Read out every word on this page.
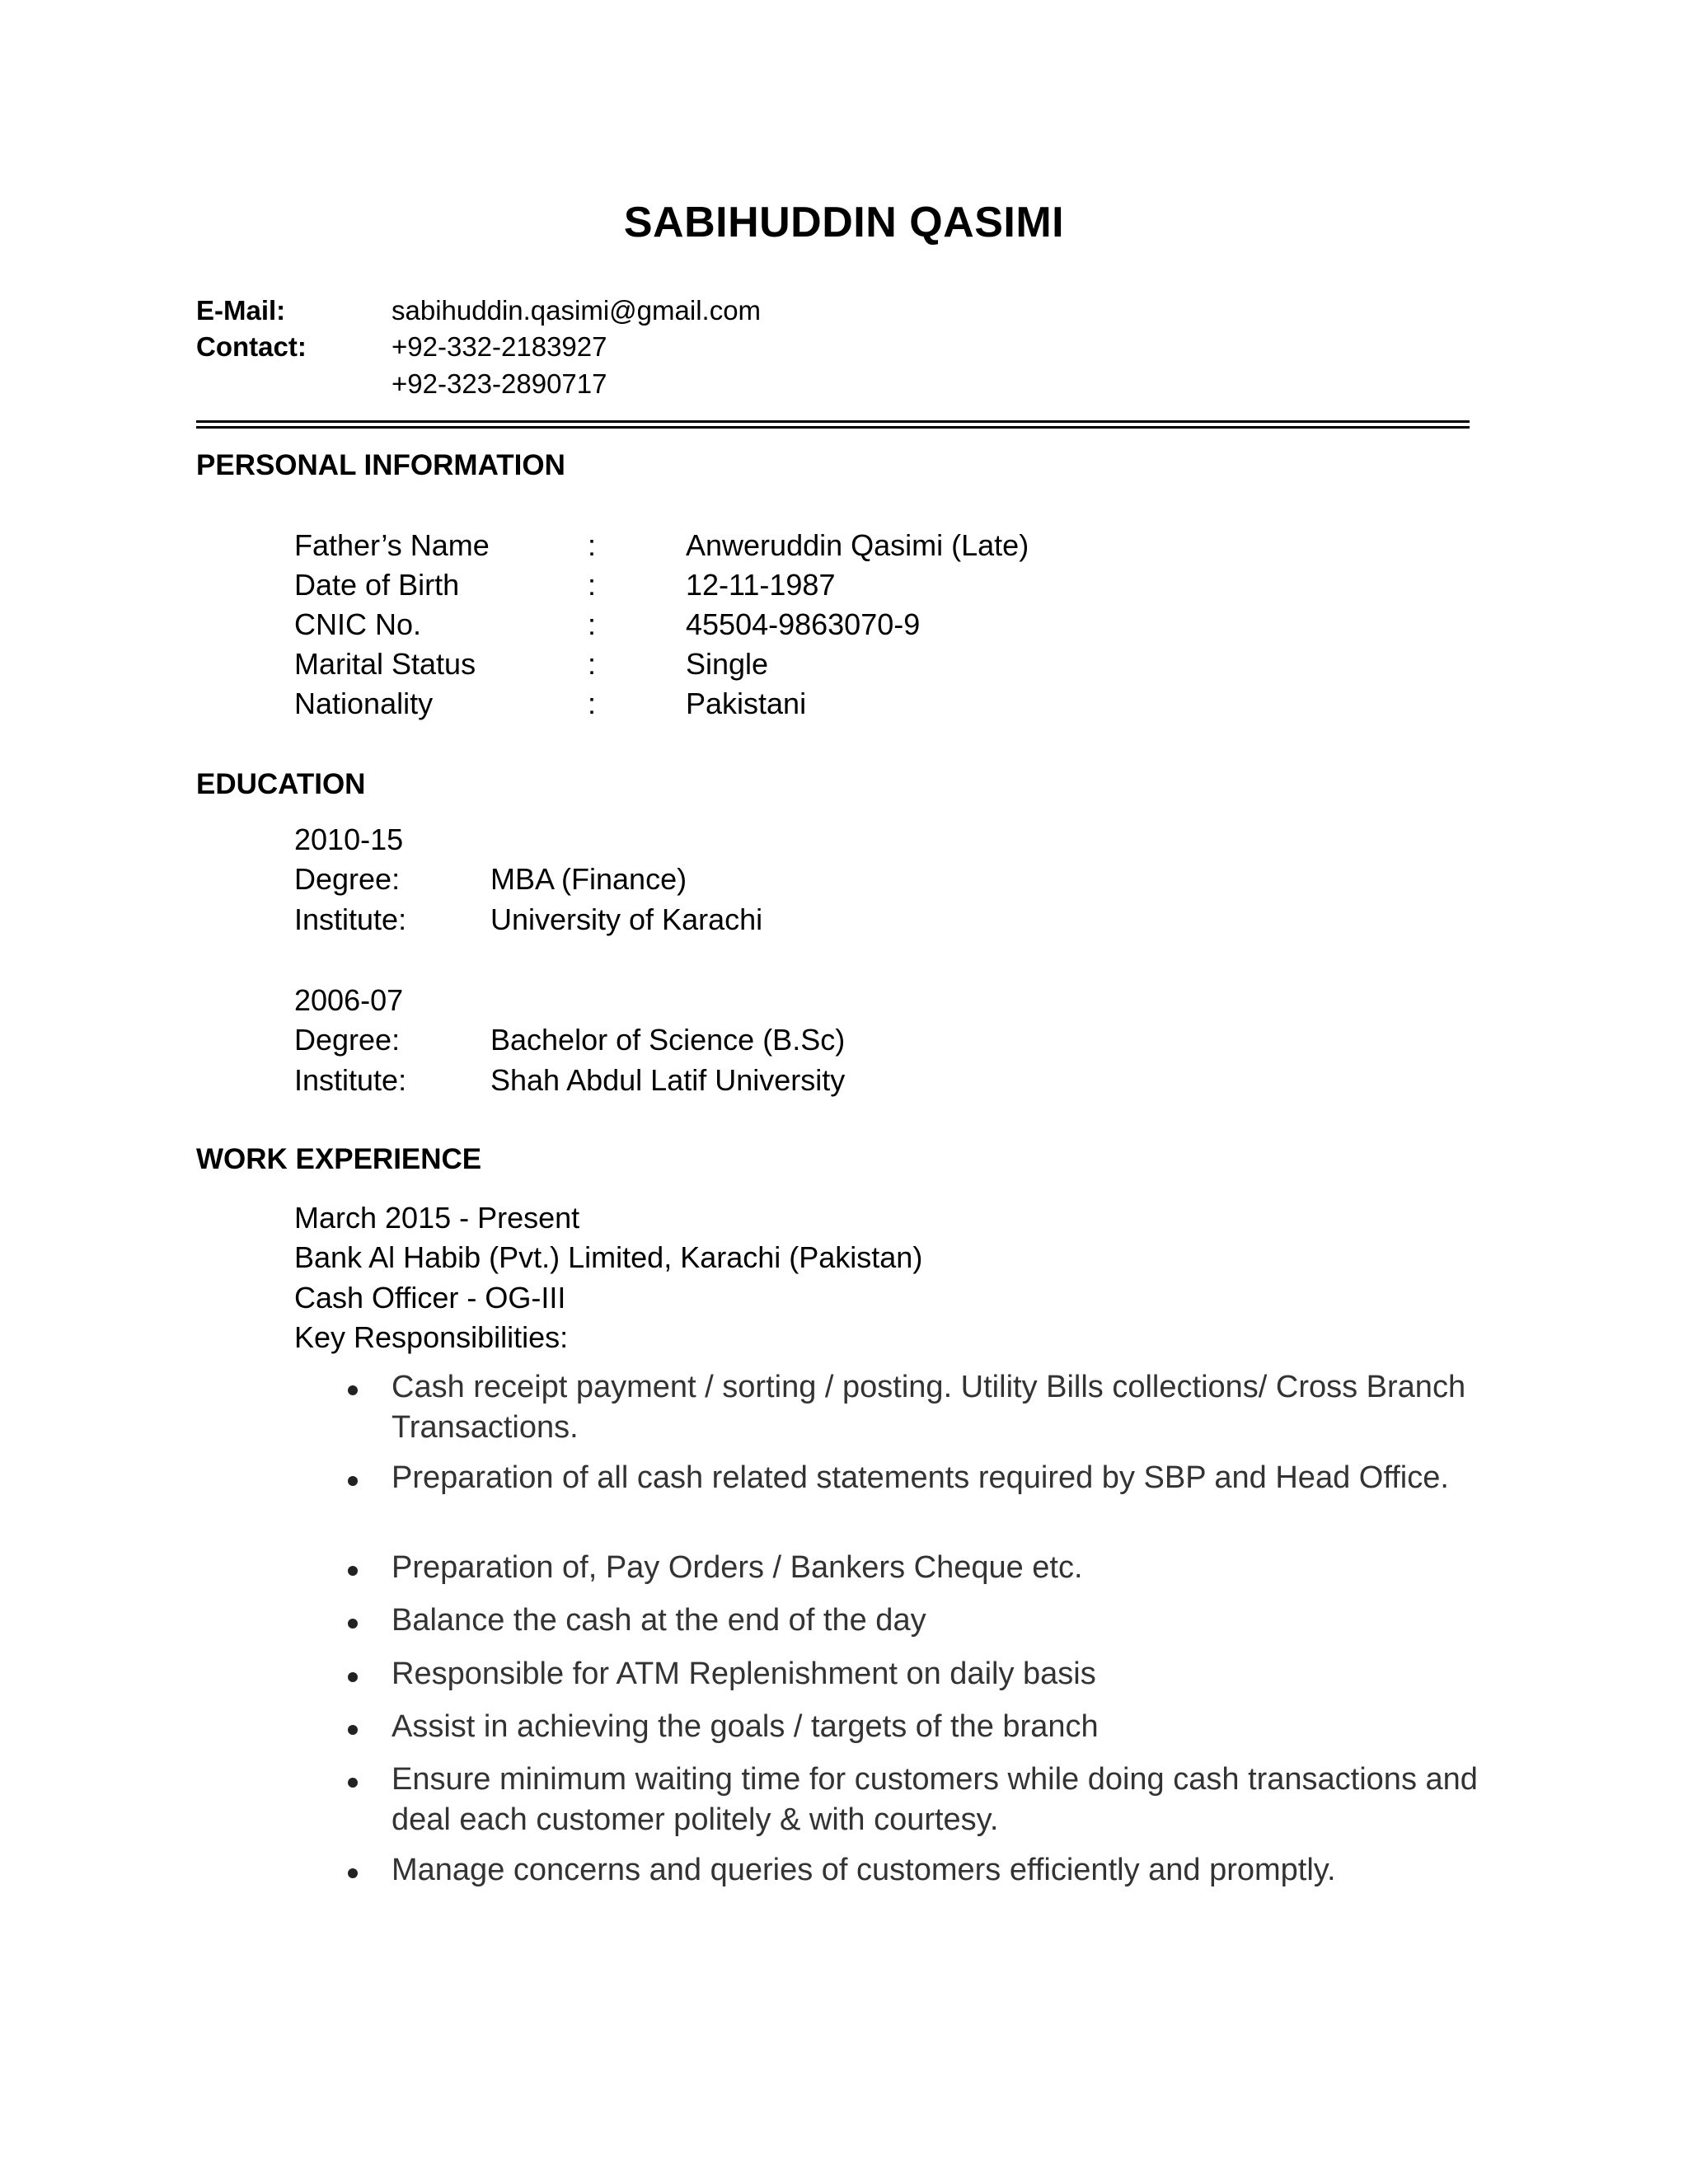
SABIHUDDIN QASIMI
E-Mail:	sabihuddin.qasimi@gmail.com
Contact:	+92-332-2183927
+92-323-2890717
PERSONAL INFORMATION
Father’s Name	:	Anweruddin Qasimi (Late)
Date of Birth	:	12-11-1987
CNIC No.	:	45504-9863070-9
Marital Status	:	Single
Nationality	:	Pakistani
EDUCATION
2010-15
Degree:	MBA (Finance)
Institute:	University of Karachi
2006-07
Degree:	Bachelor of Science (B.Sc)
Institute:	Shah Abdul Latif University
WORK EXPERIENCE
March 2015 - Present
Bank Al Habib (Pvt.) Limited, Karachi (Pakistan)
Cash Officer - OG-III
Key Responsibilities:
Cash receipt payment / sorting / posting. Utility Bills collections/ Cross Branch Transactions.
Preparation of all cash related statements required by SBP and Head Office.
Preparation of, Pay Orders / Bankers Cheque etc.
Balance the cash at the end of the day
Responsible for ATM Replenishment on daily basis
Assist in achieving the goals / targets of the branch
Ensure minimum waiting time for customers while doing cash transactions and deal each customer politely & with courtesy.
Manage concerns and queries of customers efficiently and promptly.
